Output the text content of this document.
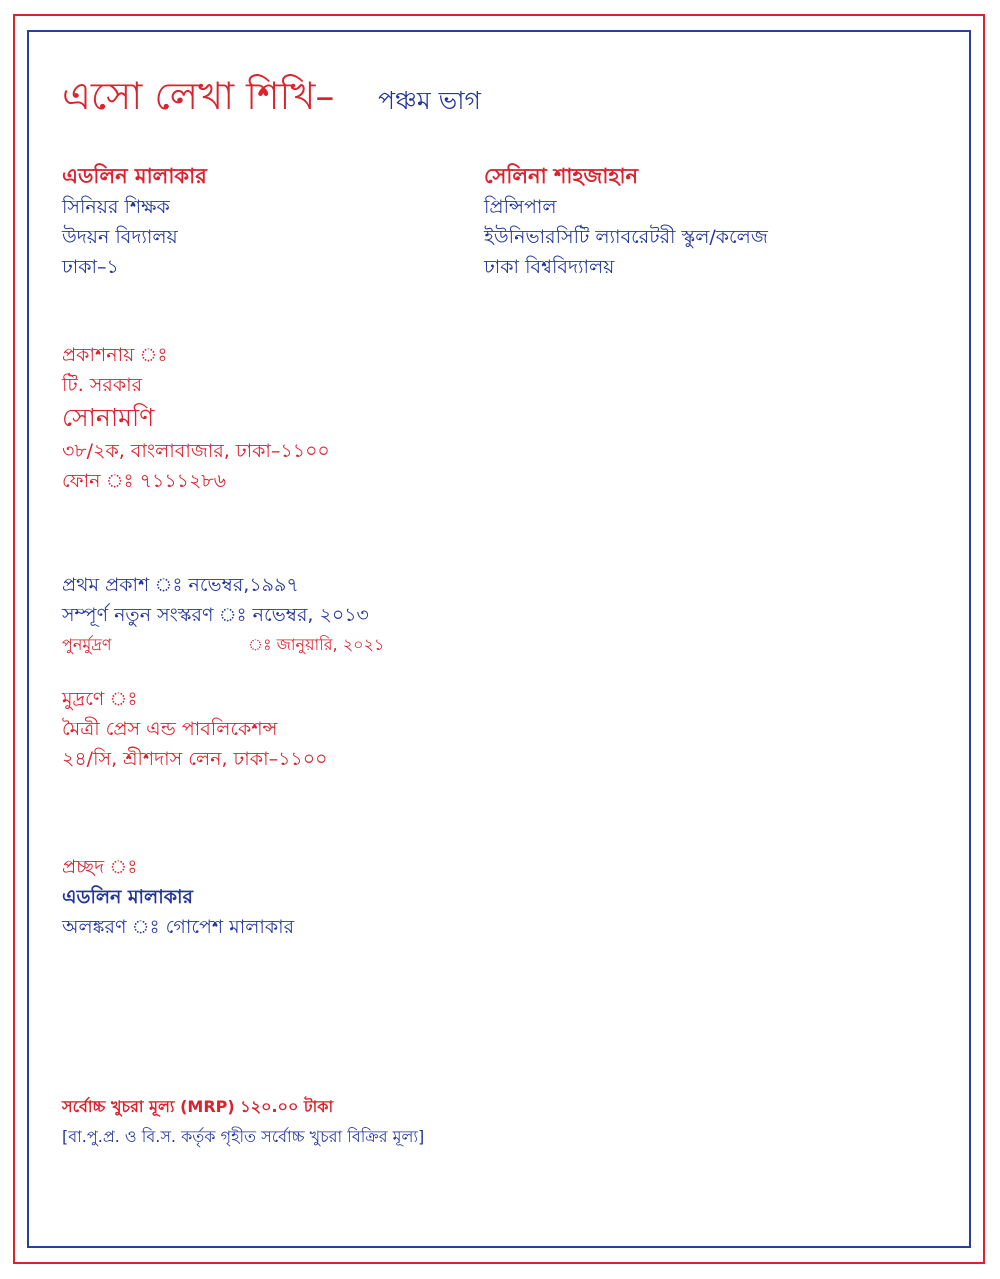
এসো লেখা শিখি– পঞ্চম ভাগ
এডলিন মালাকার
সিনিয়র শিক্ষক
উদয়ন বিদ্যালয়
ঢাকা–১
সেলিনা শাহজাহান
প্রিন্সিপাল
ইউনিভারসিটি ল্যাবরেটরী স্কুল/কলেজ
ঢাকা বিশ্ববিদ্যালয়
প্রকাশনায় ঃ
টি. সরকার
সোনামণি
৩৮/২ক, বাংলাবাজার, ঢাকা–১১০০
ফোন ঃ ৭১১১২৮৬
প্রথম প্রকাশ ঃ নভেম্বর,১৯৯৭
সম্পূর্ণ নতুন সংস্করণ ঃ নভেম্বর, ২০১৩
পুনর্মুদ্রণ	ঃ জানুয়ারি, ২০২১
মুদ্রণে ঃ
মৈত্রী প্রেস এন্ড পাবলিকেশন্স
২৪/সি, শ্রীশদাস লেন, ঢাকা–১১০০
প্রচ্ছদ ঃ
এডলিন মালাকার
অলঙ্করণ ঃ গোপেশ মালাকার
সর্বোচ্চ খুচরা মূল্য (MRP) ১২০.০০ টাকা
[বা.পু.প্র. ও বি.স. কর্তৃক গৃহীত সর্বোচ্চ খুচরা বিক্রির মূল্য]
